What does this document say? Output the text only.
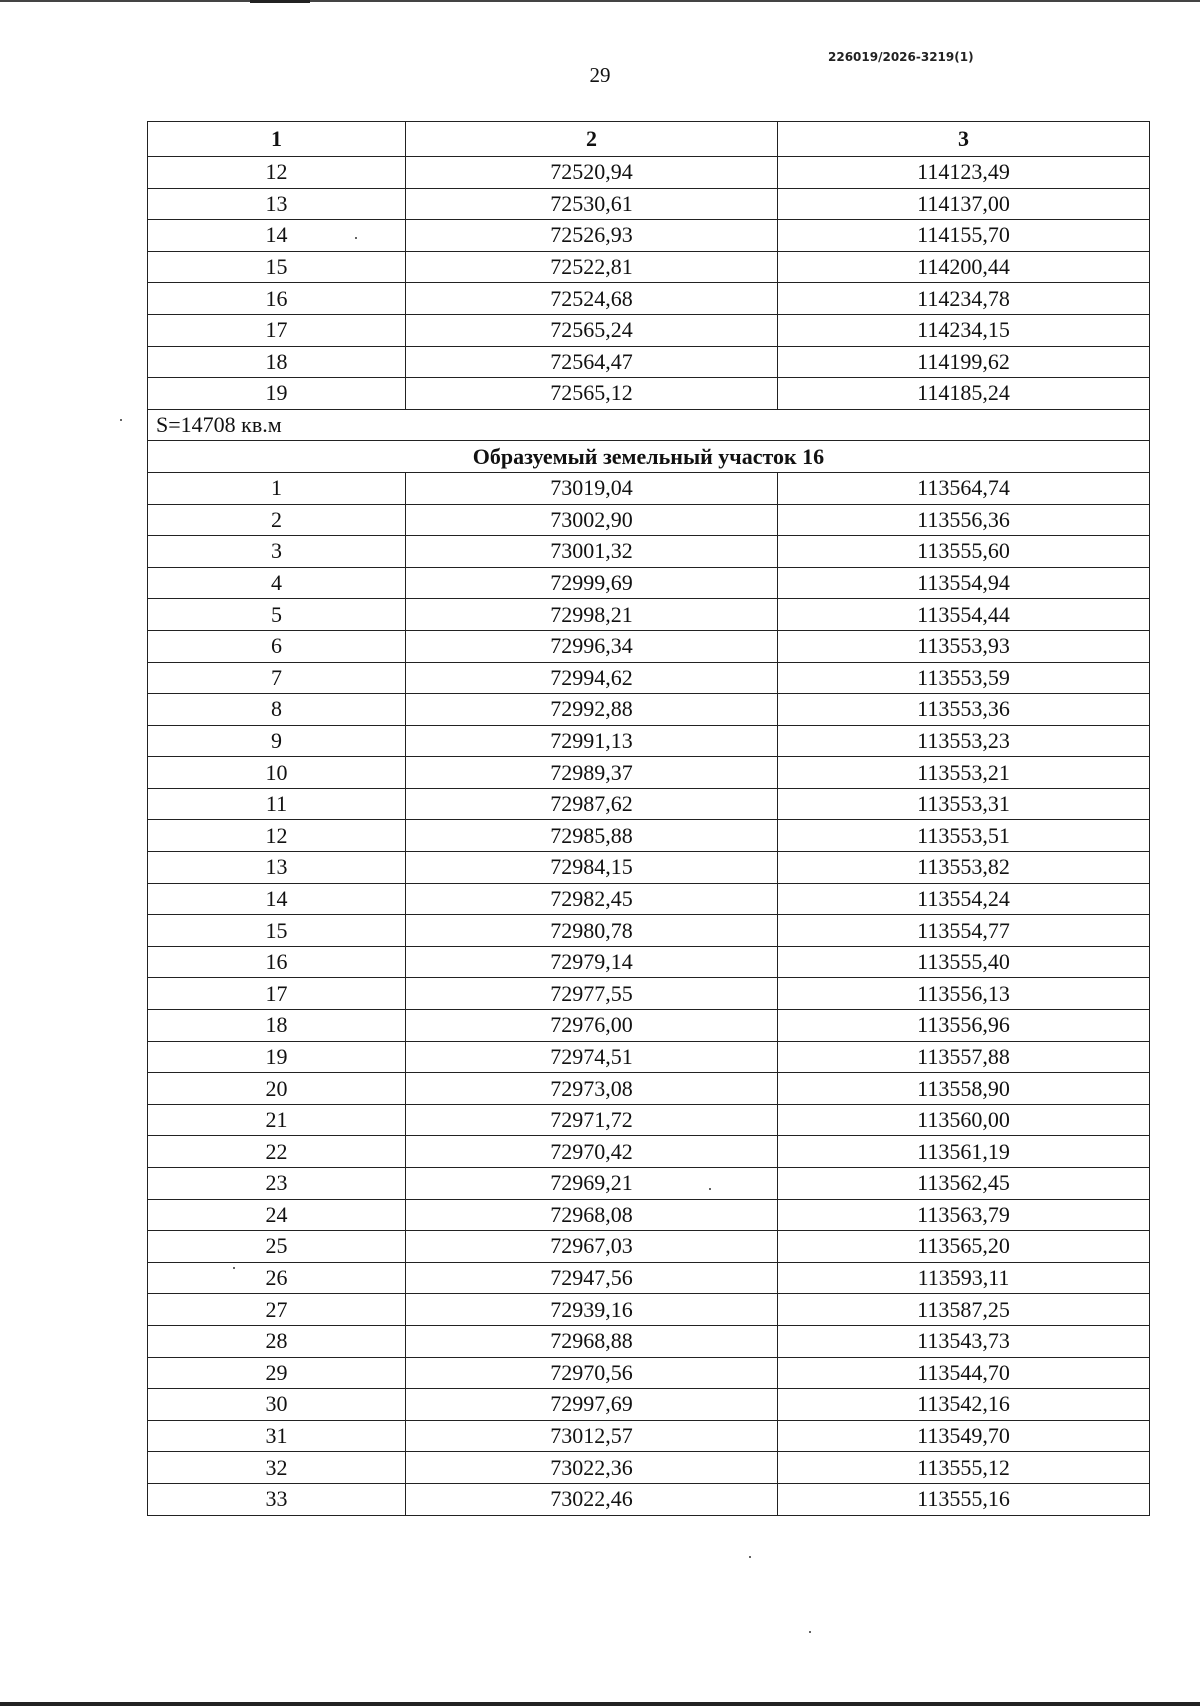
226019/2026-3219(1)
29
1	2	3
12	72520,94	114123,49
13	72530,61	114137,00
14	72526,93	114155,70
15	72522,81	114200,44
16	72524,68	114234,78
17	72565,24	114234,15
18	72564,47	114199,62
19	72565,12	114185,24
S=14708 кв.м		
Образуемый земельный участок 16		
1	73019,04	113564,74
2	73002,90	113556,36
3	73001,32	113555,60
4	72999,69	113554,94
5	72998,21	113554,44
6	72996,34	113553,93
7	72994,62	113553,59
8	72992,88	113553,36
9	72991,13	113553,23
10	72989,37	113553,21
11	72987,62	113553,31
12	72985,88	113553,51
13	72984,15	113553,82
14	72982,45	113554,24
15	72980,78	113554,77
16	72979,14	113555,40
17	72977,55	113556,13
18	72976,00	113556,96
19	72974,51	113557,88
20	72973,08	113558,90
21	72971,72	113560,00
22	72970,42	113561,19
23	72969,21	113562,45
24	72968,08	113563,79
25	72967,03	113565,20
26	72947,56	113593,11
27	72939,16	113587,25
28	72968,88	113543,73
29	72970,56	113544,70
30	72997,69	113542,16
31	73012,57	113549,70
32	73022,36	113555,12
33	73022,46	113555,16
